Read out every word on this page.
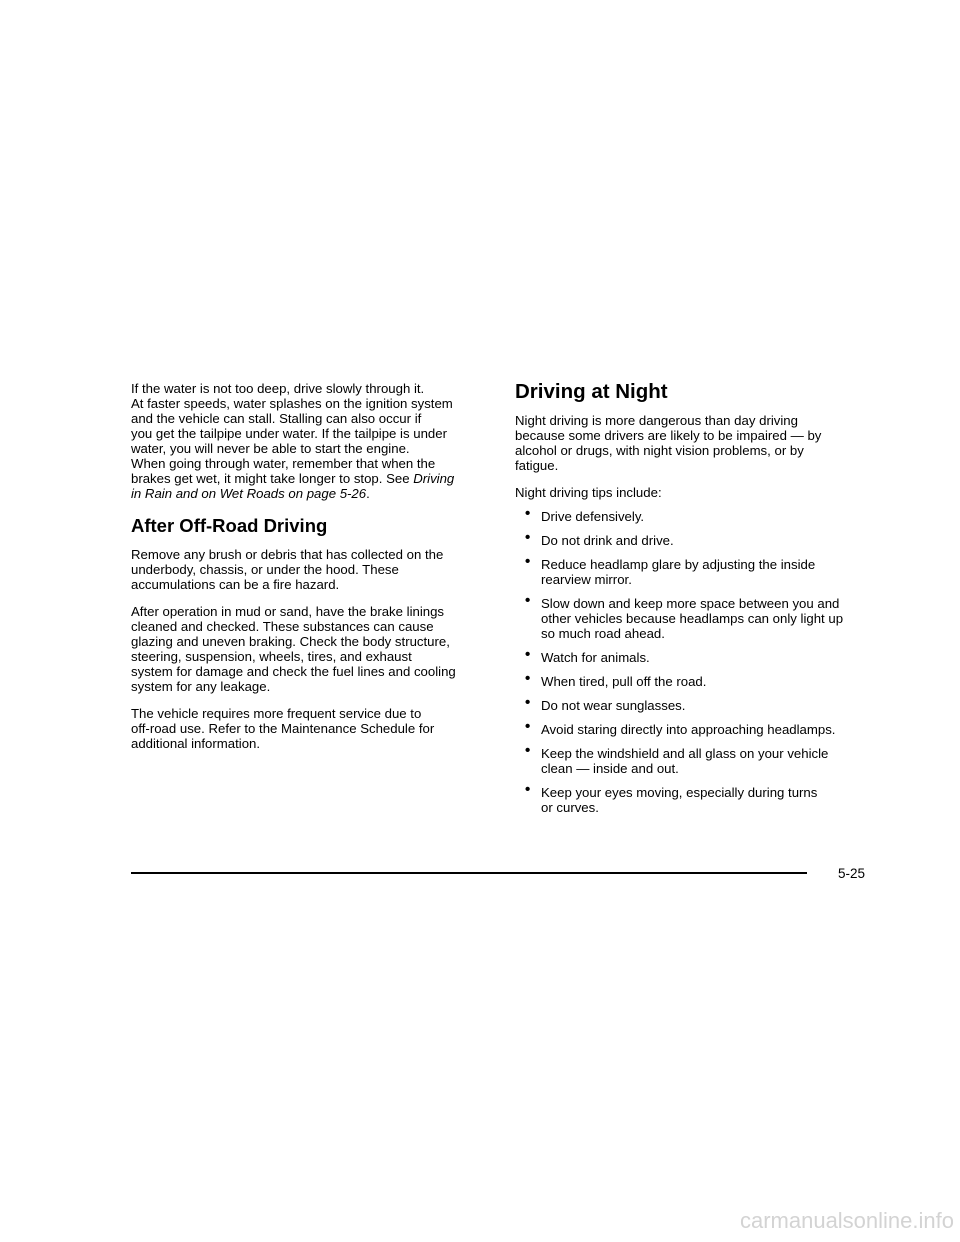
If the water is not too deep, drive slowly through it.
At faster speeds, water splashes on the ignition system
and the vehicle can stall. Stalling can also occur if
you get the tailpipe under water. If the tailpipe is under
water, you will never be able to start the engine.
When going through water, remember that when the
brakes get wet, it might take longer to stop. See Driving
in Rain and on Wet Roads on page 5-26.

After Off-Road Driving

Remove any brush or debris that has collected on the
underbody, chassis, or under the hood. These
accumulations can be a fire hazard.

After operation in mud or sand, have the brake linings
cleaned and checked. These substances can cause
glazing and uneven braking. Check the body structure,
steering, suspension, wheels, tires, and exhaust
system for damage and check the fuel lines and cooling
system for any leakage.

The vehicle requires more frequent service due to
off-road use. Refer to the Maintenance Schedule for
additional information.

Driving at Night

Night driving is more dangerous than day driving
because some drivers are likely to be impaired — by
alcohol or drugs, with night vision problems, or by
fatigue.

Night driving tips include:

• Drive defensively.
• Do not drink and drive.
• Reduce headlamp glare by adjusting the inside
rearview mirror.
• Slow down and keep more space between you and
other vehicles because headlamps can only light up
so much road ahead.
• Watch for animals.
• When tired, pull off the road.
• Do not wear sunglasses.
• Avoid staring directly into approaching headlamps.
• Keep the windshield and all glass on your vehicle
clean — inside and out.
• Keep your eyes moving, especially during turns
or curves.
5-25
carmanualsonline.info
